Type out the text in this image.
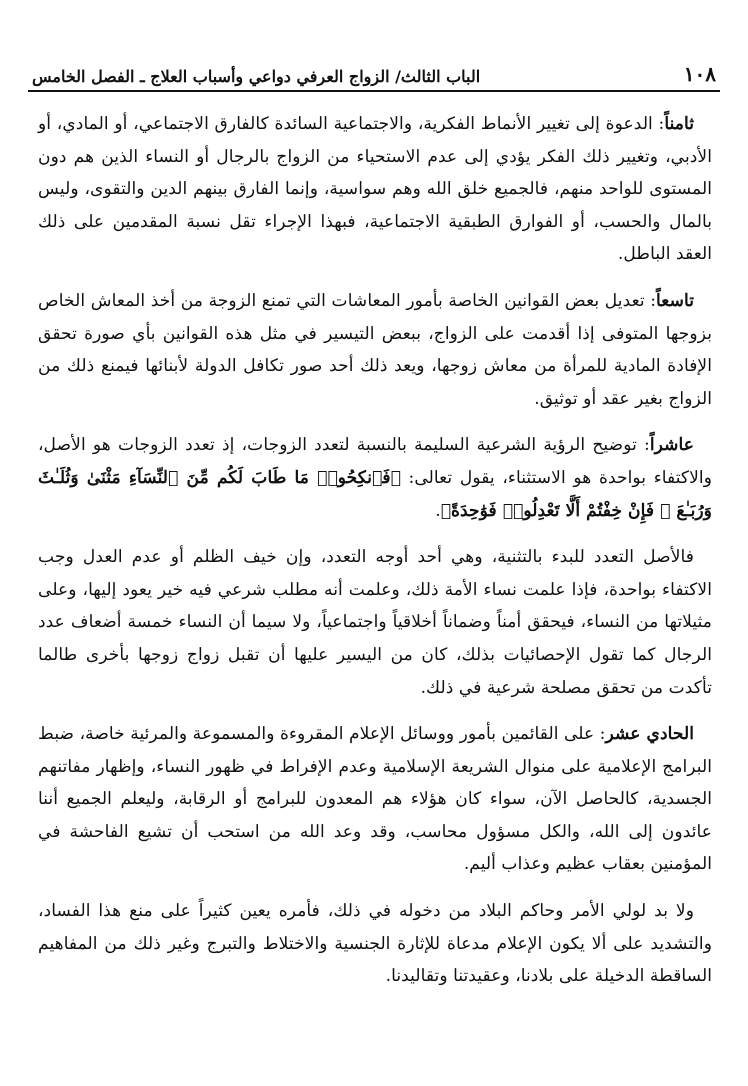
١٠٨
الباب الثالث/ الزواج العرفي دواعي وأسباب العلاج ـ الفصل الخامس

ثامناً: الدعوة إلى تغيير الأنماط الفكرية، والاجتماعية السائدة كالفارق الاجتماعي، أو المادي، أو الأدبي، وتغيير ذلك الفكر يؤدي إلى عدم الاستحياء من الزواج بالرجال أو النساء الذين هم دون المستوى للواحد منهم، فالجميع خلق الله وهم سواسية، وإنما الفارق بينهم الدين والتقوى، وليس بالمال والحسب، أو الفوارق الطبقية الاجتماعية، فبهذا الإجراء تقل نسبة المقدمين على ذلك العقد الباطل.

تاسعاً: تعديل بعض القوانين الخاصة بأمور المعاشات التي تمنع الزوجة من أخذ المعاش الخاص بزوجها المتوفى إذا أقدمت على الزواج، ببعض التيسير في مثل هذه القوانين بأي صورة تحقق الإفادة المادية للمرأة من معاش زوجها، ويعد ذلك أحد صور تكافل الدولة لأبنائها فيمنع ذلك من الزواج بغير عقد أو توثيق.

عاشراً: توضيح الرؤية الشرعية السليمة بالنسبة لتعدد الزوجات، إذ تعدد الزوجات هو الأصل، والاكتفاء بواحدة هو الاستثناء، يقول تعالى: ﴿فَٱنكِحُوا۟ مَا طَابَ لَكُم مِّنَ ٱلنِّسَآءِ مَثْنَىٰ وَثُلَـٰثَ وَرُبَـٰعَ ۖ فَإِنْ خِفْتُمْ أَلَّا تَعْدِلُوا۟ فَوَٰحِدَةً﴾.

فالأصل التعدد للبدء بالتثنية، وهي أحد أوجه التعدد، وإن خيف الظلم أو عدم العدل وجب الاكتفاء بواحدة، فإذا علمت نساء الأمة ذلك، وعلمت أنه مطلب شرعي فيه خير يعود إليها، وعلى مثيلاتها من النساء، فيحقق أمناً وضماناً أخلاقياً واجتماعياً، ولا سيما أن النساء خمسة أضعاف عدد الرجال كما تقول الإحصائيات بذلك، كان من اليسير عليها أن تقبل زواج زوجها بأخرى طالما تأكدت من تحقق مصلحة شرعية في ذلك.

الحادي عشر: على القائمين بأمور ووسائل الإعلام المقروءة والمسموعة والمرئية خاصة، ضبط البرامج الإعلامية على منوال الشريعة الإسلامية وعدم الإفراط في ظهور النساء، وإظهار مفاتنهم الجسدية، كالحاصل الآن، سواء كان هؤلاء هم المعدون للبرامج أو الرقابة، وليعلم الجميع أننا عائدون إلى الله، والكل مسؤول محاسب، وقد وعد الله من استحب أن تشيع الفاحشة في المؤمنين بعقاب عظيم وعذاب أليم.

ولا بد لولي الأمر وحاكم البلاد من دخوله في ذلك، فأمره يعين كثيراً على منع هذا الفساد، والتشديد على ألا يكون الإعلام مدعاة للإثارة الجنسية والاختلاط والتبرج وغير ذلك من المفاهيم الساقطة الدخيلة على بلادنا، وعقيدتنا وتقاليدنا.
